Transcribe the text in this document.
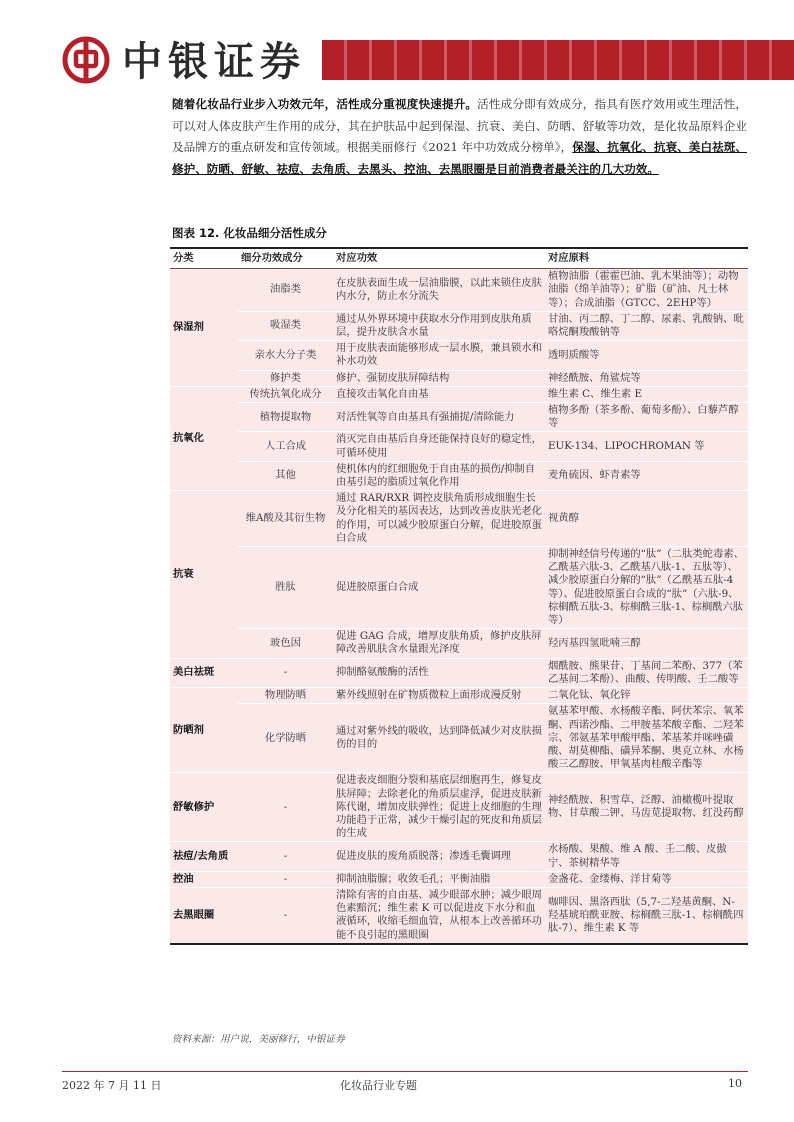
中银证券
随着化妆品行业步入功效元年，活性成分重视度快速提升。活性成分即有效成分，指具有医疗效用或生理活性，可以对人体皮肤产生作用的成分，其在护肤品中起到保湿、抗衰、美白、防晒、舒敏等功效，是化妆品原料企业及品牌方的重点研发和宣传领域。根据美丽修行《2021 年中功效成分榜单》，保湿、抗氧化、抗衰、美白祛斑、修护、防晒、舒敏、祛痘、去角质、去黑头、控油、去黑眼圈是目前消费者最关注的几大功效。
图表 12. 化妆品细分活性成分
分类	细分功效成分	对应功效	对应原料
保湿剂	油脂类	在皮肤表面生成一层油脂膜，以此来锁住皮肤内水分，防止水分流失	植物油脂（霍霍巴油、乳木果油等）；动物油脂（绵羊油等）；矿脂（矿油、凡士林等）；合成油脂（GTCC、2EHP等）
	吸湿类	通过从外界环境中获取水分作用到皮肤角质层，提升皮肤含水量	甘油、丙二醇、丁二醇、尿素、乳酸钠、吡咯烷酮羧酸钠等
	亲水大分子类	用于皮肤表面能够形成一层水膜，兼具锁水和补水功效	透明质酸等
	修护类	修护、强韧皮肤屏障结构	神经酰胺、角鲨烷等
抗氧化	传统抗氧化成分	直接攻击氧化自由基	维生素 C、维生素 E
	植物提取物	对活性氧等自由基具有强捕捉/清除能力	植物多酚（茶多酚、葡萄多酚）、白藜芦醇等
	人工合成	消灭完自由基后自身还能保持良好的稳定性，可循环使用	EUK-134、LIPOCHROMAN 等
	其他	使机体内的红细胞免于自由基的损伤/抑制自由基引起的脂质过氧化作用	麦角硫因、虾青素等
抗衰	维A酸及其衍生物	通过 RAR/RXR 调控皮肤角质形成细胞生长及分化相关的基因表达，达到改善皮肤光老化的作用，可以减少胶原蛋白分解，促进胶原蛋白合成	视黄醇
	胜肽	促进胶原蛋白合成	抑制神经信号传递的“肽”（二肽类蛇毒素、乙酰基六肽-3、乙酰基八肽-1、五肽等）、减少胶原蛋白分解的“肽”（乙酰基五肽-4 等）、促进胶原蛋白合成的“肽”（六肽-9、棕榈酰五肽-3、棕榈酰三肽-1、棕榈酰六肽等）
	玻色因	促进 GAG 合成，增厚皮肤角质，修护皮肤屏障改善肌肤含水量跟光泽度	羟丙基四氢吡喃三醇
美白祛斑	-	抑制酪氨酸酶的活性	烟酰胺、熊果苷、丁基间二苯酚、377（苯乙基间二苯酚）、曲酸、传明酸、壬二酸等
防晒剂	物理防晒	紫外线照射在矿物质微粒上面形成漫反射	二氧化钛、氧化锌
	化学防晒	通过对紫外线的吸收，达到降低减少对皮肤损伤的目的	氨基苯甲酸、水杨酸辛酯、阿伏苯宗、氧苯酮、西诺沙酯、二甲胺基苯酸辛酯、二羟苯宗、邻氨基苯甲酸甲酯、苯基苯并咪唑磺酸、胡莫柳酯、磺异苯酮、奥克立林、水杨酸三乙醇胺、甲氧基肉桂酸辛酯等
舒敏修护	-	促进表皮细胞分裂和基底层细胞再生，修复皮肤屏障；去除老化的角质层虚浮，促进皮肤新陈代谢，增加皮肤弹性；促进上皮细胞的生理功能趋于正常，减少干燥引起的死皮和角质层的生成	神经酰胺、积雪草、泛醇、油橄榄叶提取物、甘草酸二钾、马齿苋提取物、红没药醇
祛痘/去角质	-	促进皮肤的废角质脱落；渗透毛囊调理	水杨酸、果酸、维 A 酸、壬二酸、皮傲宁、茶树精华等
控油	-	抑制油脂腺；收敛毛孔；平衡油脂	金盏花、金缕梅、洋甘菊等
去黑眼圈	-	清除有害的自由基、减少眼部水肿；减少眼周色素黯沉；维生素 K 可以促进皮下水分和血液循环，收缩毛细血管，从根本上改善循环功能不良引起的黑眼圈	咖啡因、黑洛西肽（5,7-二羟基黄酮、N-羟基琥珀酰亚胺、棕榈酰三肽-1、棕榈酰四肽-7）、维生素 K 等
资料来源：用户说，美丽修行，中银证券
2022 年 7 月 11 日	化妆品行业专题	10
